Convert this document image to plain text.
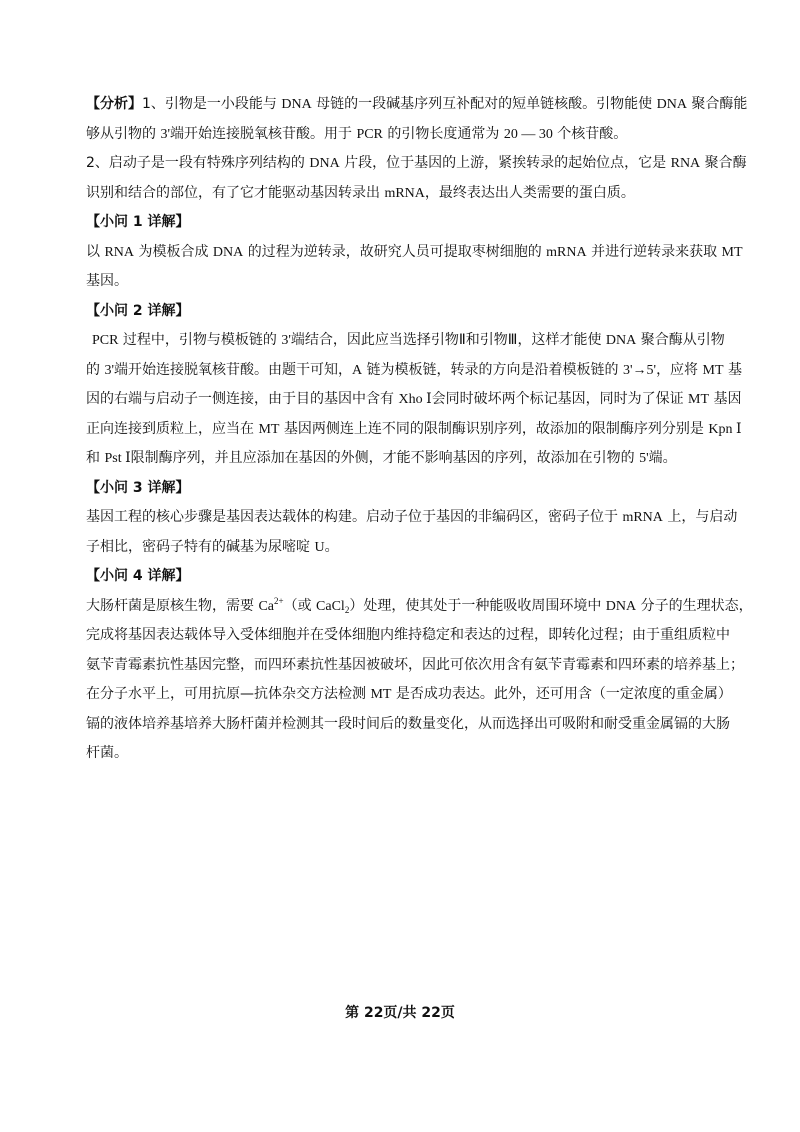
【分析】1、引物是一小段能与 DNA 母链的一段碱基序列互补配对的短单链核酸。引物能使 DNA 聚合酶能
够从引物的 3'端开始连接脱氧核苷酸。用于 PCR 的引物长度通常为 20 — 30 个核苷酸。
2、启动子是一段有特殊序列结构的 DNA 片段，位于基因的上游，紧挨转录的起始位点，它是 RNA 聚合酶
识别和结合的部位，有了它才能驱动基因转录出 mRNA，最终表达出人类需要的蛋白质。
【小问 1 详解】
以 RNA 为模板合成 DNA 的过程为逆转录，故研究人员可提取枣树细胞的 mRNA 并进行逆转录来获取 MT
基因。
【小问 2 详解】
PCR 过程中，引物与模板链的 3'端结合，因此应当选择引物Ⅱ和引物Ⅲ，这样才能使 DNA 聚合酶从引物
的 3'端开始连接脱氧核苷酸。由题干可知，A 链为模板链，转录的方向是沿着模板链的 3'→5'，应将 MT 基
因的右端与启动子一侧连接，由于目的基因中含有 Xho Ⅰ会同时破坏两个标记基因，同时为了保证 MT 基因
正向连接到质粒上，应当在 MT 基因两侧连上连不同的限制酶识别序列，故添加的限制酶序列分别是 Kpn Ⅰ
和 Pst Ⅰ限制酶序列，并且应添加在基因的外侧，才能不影响基因的序列，故添加在引物的 5'端。
【小问 3 详解】
基因工程的核心步骤是基因表达载体的构建。启动子位于基因的非编码区，密码子位于 mRNA 上，与启动
子相比，密码子特有的碱基为尿嘧啶 U。
【小问 4 详解】
大肠杆菌是原核生物，需要 $Ca^{2+}$（或 CaCl$_2$）处理，使其处于一种能吸收周围环境中 DNA 分子的生理状态，
完成将基因表达载体导入受体细胞并在受体细胞内维持稳定和表达的过程，即转化过程；由于重组质粒中
氨苄青霉素抗性基因完整，而四环素抗性基因被破坏，因此可依次用含有氨苄青霉素和四环素的培养基上；
在分子水平上，可用抗原—抗体杂交方法检测 MT 是否成功表达。此外，还可用含（一定浓度的重金属）
镉的液体培养基培养大肠杆菌并检测其一段时间后的数量变化，从而选择出可吸附和耐受重金属镉的大肠
杆菌。
第 22页/共 22页
